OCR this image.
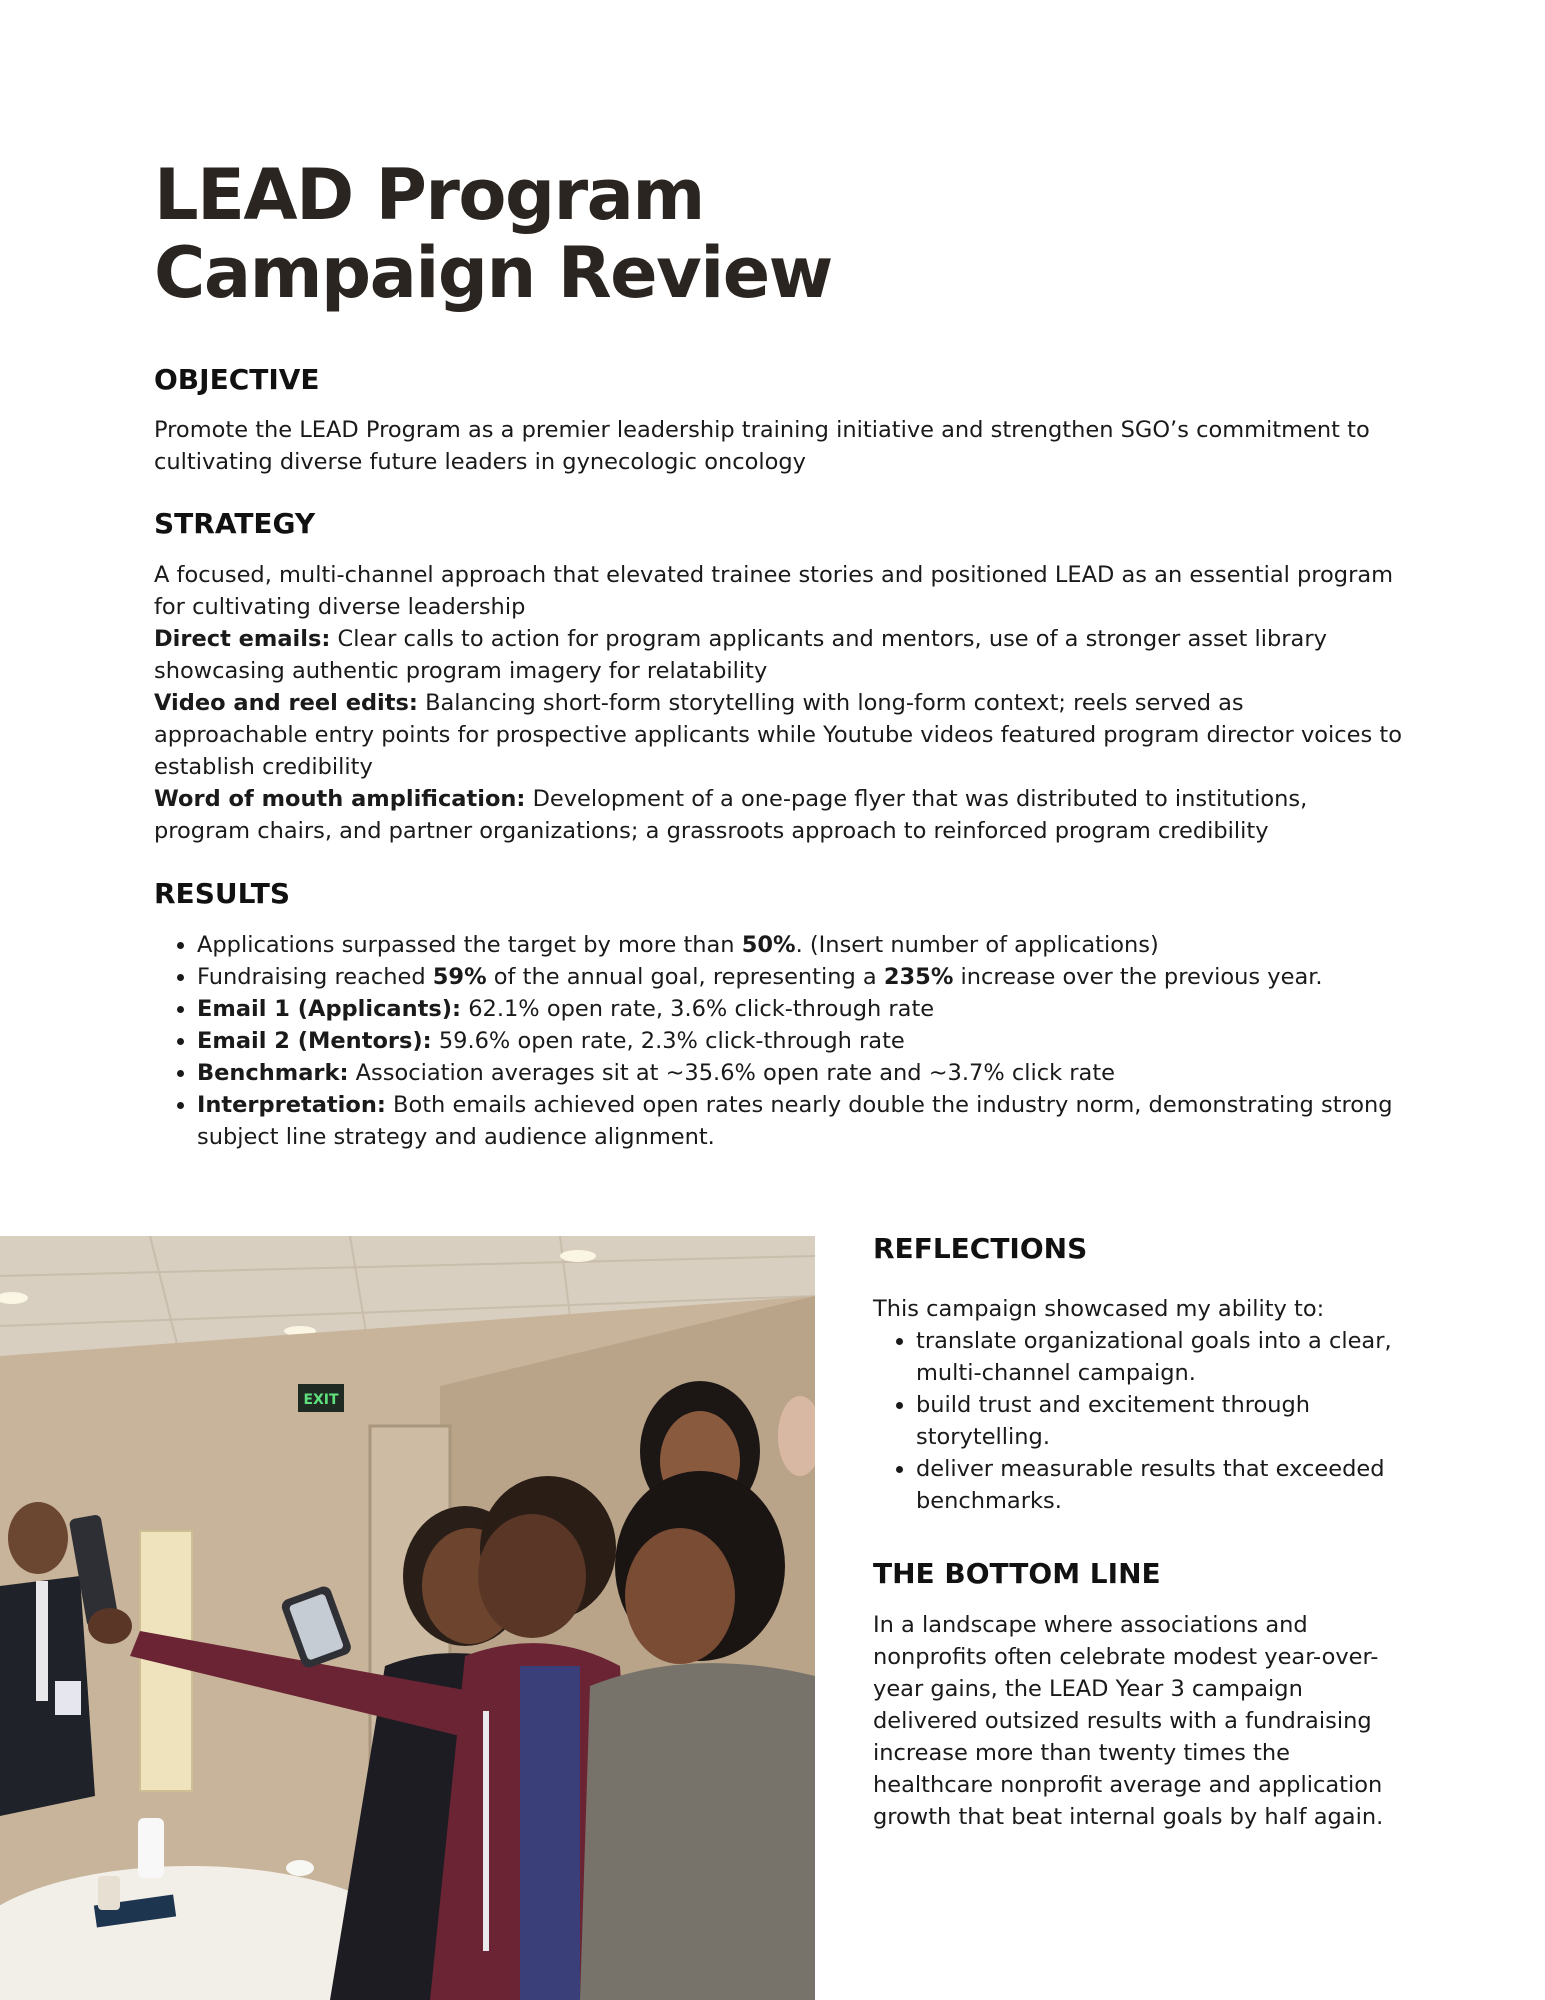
LEAD Program
Campaign Review
OBJECTIVE

Promote the LEAD Program as a premier leadership training initiative and strengthen SGO’s commitment to cultivating diverse future leaders in gynecologic oncology

STRATEGY

A focused, multi-channel approach that elevated trainee stories and positioned LEAD as an essential program for cultivating diverse leadership

Direct emails: Clear calls to action for program applicants and mentors, use of a stronger asset library showcasing authentic program imagery for relatability

Video and reel edits: Balancing short-form storytelling with long-form context; reels served as approachable entry points for prospective applicants while Youtube videos featured program director voices to establish credibility

Word of mouth amplification: Development of a one-page flyer that was distributed to institutions, program chairs, and partner organizations; a grassroots approach to reinforced program credibility

RESULTS
• Applications surpassed the target by more than 50%. (Insert number of applications)
• Fundraising reached 59% of the annual goal, representing a 235% increase over the previous year.
• Email 1 (Applicants): 62.1% open rate, 3.6% click-through rate
• Email 2 (Mentors): 59.6% open rate, 2.3% click-through rate
• Benchmark: Association averages sit at ~35.6% open rate and ~3.7% click rate
• Interpretation: Both emails achieved open rates nearly double the industry norm, demonstrating strong subject line strategy and audience alignment.
EXIT
REFLECTIONS

This campaign showcased my ability to:

• translate organizational goals into a clear, multi-channel campaign.
• build trust and excitement through storytelling.
• deliver measurable results that exceeded benchmarks.
THE BOTTOM LINE

In a landscape where associations and nonprofits often celebrate modest year-over-year gains, the LEAD Year 3 campaign delivered outsized results with a fundraising increase more than twenty times the healthcare nonprofit average and application growth that beat internal goals by half again.
